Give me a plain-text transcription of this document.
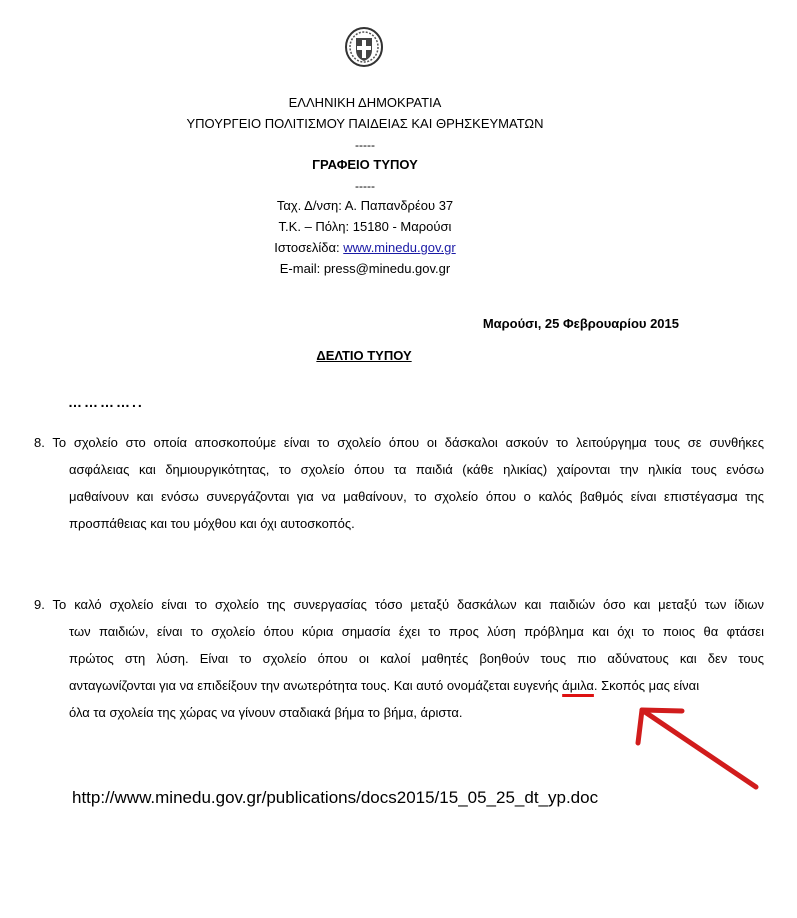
ΕΛΛΗΝΙΚΗ ΔΗΜΟΚΡΑΤΙΑ
ΥΠΟΥΡΓΕΙΟ ΠΟΛΙΤΙΣΜΟΥ ΠΑΙΔΕΙΑΣ ΚΑΙ ΘΡΗΣΚΕΥΜΑΤΩΝ
-----
ΓΡΑΦΕΙΟ ΤΥΠΟΥ
-----
Ταχ. Δ/νση: Α. Παπανδρέου 37
Τ.Κ. – Πόλη: 15180 - Μαρούσι
Ιστοσελίδα: www.minedu.gov.gr
E-mail: press@minedu.gov.gr
Μαρούσι, 25 Φεβρουαρίου 2015
ΔΕΛΤΙΟ ΤΥΠΟΥ
…………..
8. Το σχολείο στο οποία αποσκοπούμε είναι το σχολείο όπου οι δάσκαλοι ασκούν το λειτούργημα τους σε συνθήκες
ασφάλειας και δημιουργικότητας, το σχολείο όπου τα παιδιά (κάθε ηλικίας) χαίρονται την ηλικία τους ενόσω
μαθαίνουν και ενόσω συνεργάζονται για να μαθαίνουν, το σχολείο όπου ο καλός βαθμός είναι επιστέγασμα της
προσπάθειας και του μόχθου και όχι αυτοσκοπός.
9. Το καλό σχολείο είναι το σχολείο της συνεργασίας τόσο μεταξύ δασκάλων και παιδιών όσο και μεταξύ των ίδιων
των παιδιών, είναι το σχολείο όπου κύρια σημασία έχει το προς λύση πρόβλημα και όχι το ποιος θα φτάσει
πρώτος στη λύση. Είναι το σχολείο όπου οι καλοί μαθητές βοηθούν τους πιο αδύνατους και δεν τους
ανταγωνίζονται για να επιδείξουν την ανωτερότητα τους. Και αυτό ονομάζεται ευγενής άμιλα. Σκοπός μας είναι
όλα τα σχολεία της χώρας να γίνουν σταδιακά βήμα το βήμα, άριστα.
http://www.minedu.gov.gr/publications/docs2015/15_05_25_dt_yp.doc
